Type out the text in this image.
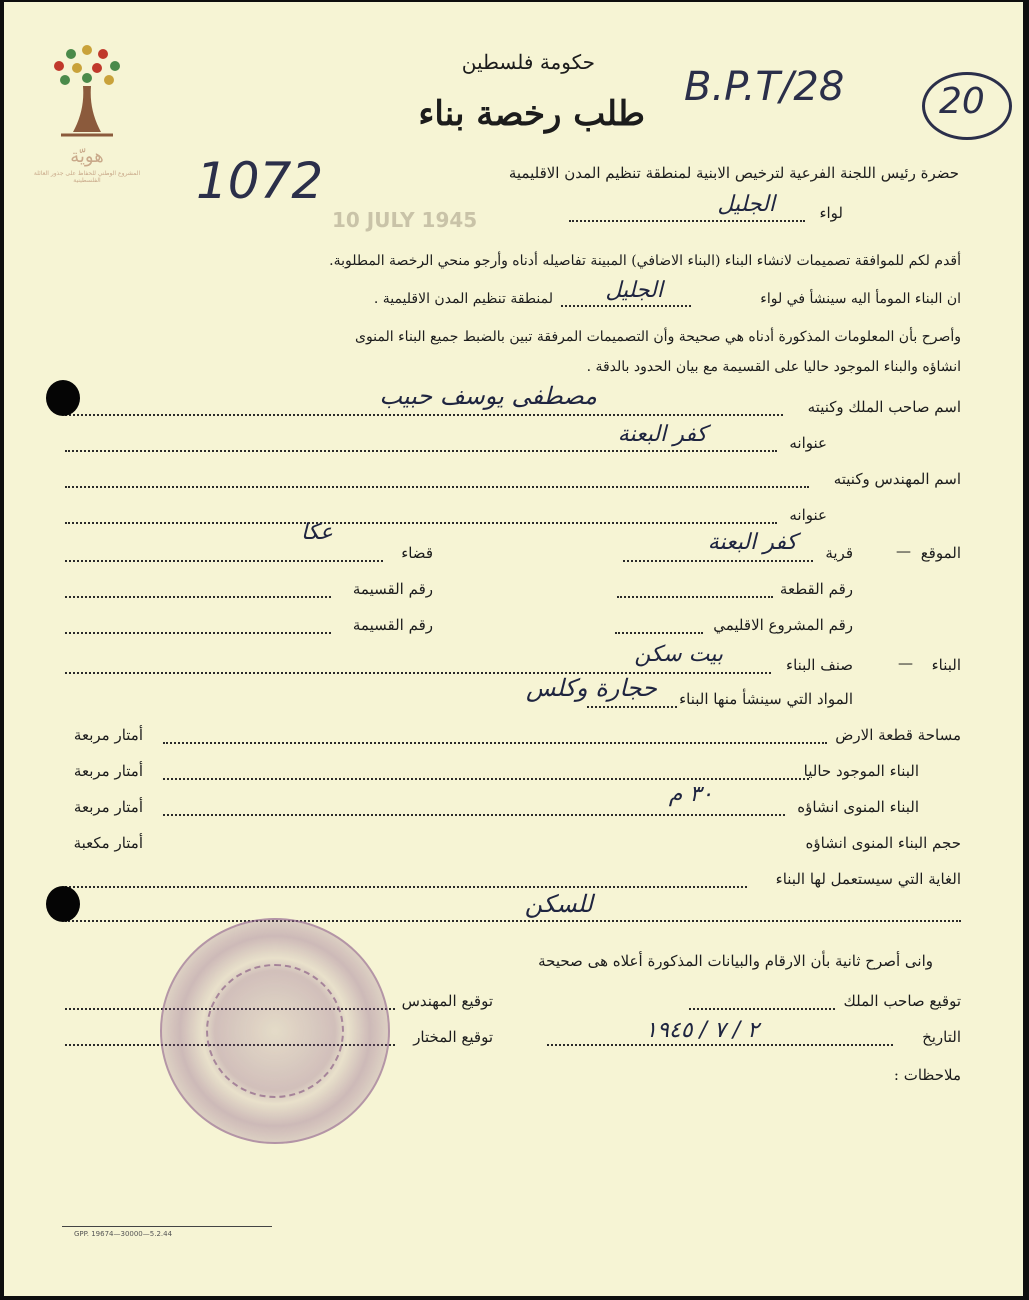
هويّة
المشروع الوطني للحفاظ على جذور العائلة الفلسطينية
حكومة فلسطين
طلب رخصة بناء
B.P.T/28	20
1072
10 JULY 1945
حضرة رئيس اللجنة الفرعية لترخيص الابنية لمنطقة تنظيم المدن الاقليمية
لواء
الجليل
أقدم لكم للموافقة تصميمات لانشاء البناء (البناء الاضافي) المبينة تفاصيله أدناه وأرجو منحي الرخصة المطلوبة.
ان البناء المومأ اليه سينشأ في لواء
الجليل
لمنطقة تنظيم المدن الاقليمية .
وأصرح بأن المعلومات المذكورة أدناه هي صحيحة وأن التصميمات المرفقة تبين بالضبط جميع البناء المنوى
انشاؤه والبناء الموجود حاليا على القسيمة مع بيان الحدود بالدقة .
اسم صاحب الملك وكنيته
مصطفى يوسف حبيب
عنوانه
كفر البعنة
اسم المهندس وكنيته
عنوانه
الموقع
—
قرية
كفر البعنة
قضاء
عكا
رقم القطعة
رقم القسيمة
رقم المشروع الاقليمي
رقم القسيمة
البناء
—
صنف البناء
بيت سكن
المواد التي سينشأ منها البناء
حجارة وكلس
مساحة قطعة الارض
أمتار مربعة
البناء الموجود حاليا
أمتار مربعة
البناء المنوى انشاؤه
٣٠ م
أمتار مربعة
حجم البناء المنوى انشاؤه
أمتار مكعبة
الغاية التي سيستعمل لها البناء
للسكن
وانى أصرح ثانية بأن الارقام والبيانات المذكورة أعلاه هى صحيحة
توقيع صاحب الملك
توقيع المهندس
التاريخ
٢ / ٧ / ١٩٤٥
توقيع المختار
ملاحظات :
GPP. 19674—30000—5.2.44
